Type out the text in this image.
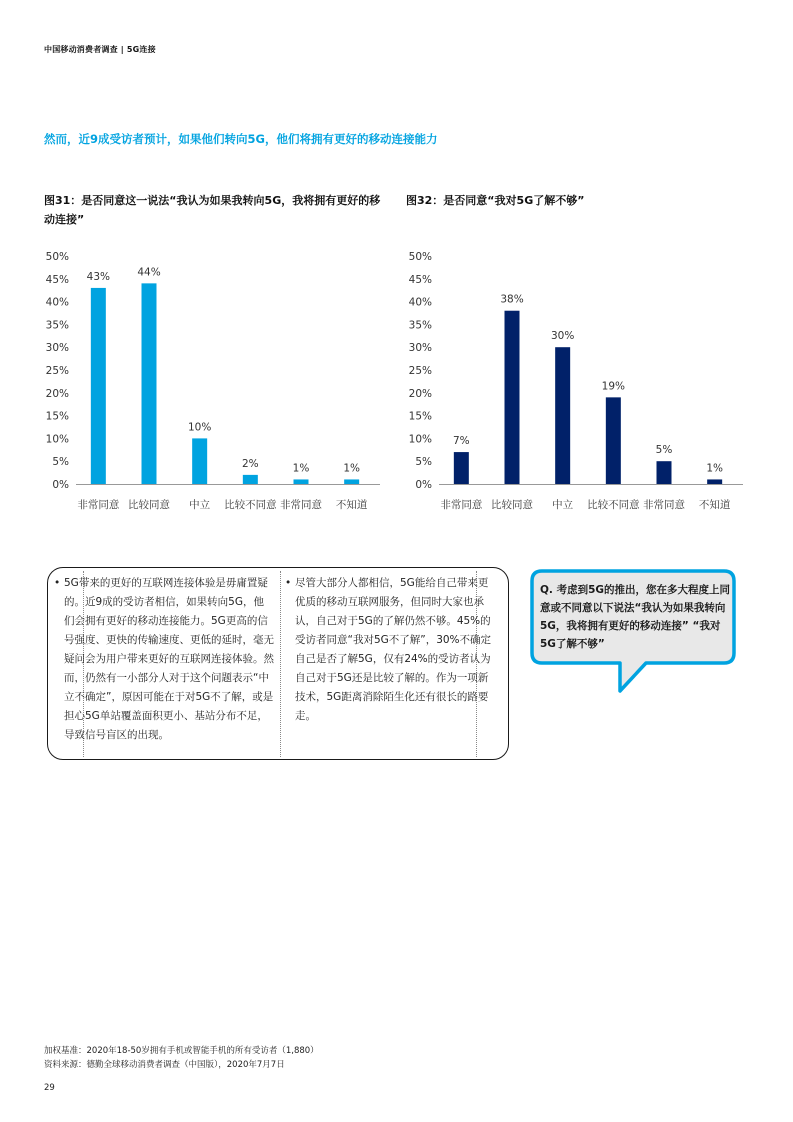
中国移动消费者调查 | 5G连接
然而，近9成受访者预计，如果他们转向5G，他们将拥有更好的移动连接能力
图31：是否同意这一说法“我认为如果我转向5G，我将拥有更好的移动连接”
图32：是否同意“我对5G了解不够”
0%
5%
10%
15%
20%
25%
30%
35%
40%
45%
50%
43%
非常同意
44%
比较同意
10%
中立
2%
比较不同意
1%
非常同意
1%
不知道
0%
5%
10%
15%
20%
25%
30%
35%
40%
45%
50%
7%
非常同意
38%
比较同意
30%
中立
19%
比较不同意
5%
非常同意
1%
不知道
• 5G带来的更好的互联网连接体验是毋庸置疑的。近9成的受访者相信，如果转向5G，他们会拥有更好的移动连接能力。5G更高的信号强度、更快的传输速度、更低的延时，毫无疑问会为用户带来更好的互联网连接体验。然而，仍然有一小部分人对于这个问题表示“中立不确定”，原因可能在于对5G不了解，或是担心5G单站覆盖面积更小、基站分布不足，导致信号盲区的出现。
• 尽管大部分人都相信，5G能给自己带来更优质的移动互联网服务，但同时大家也承认，自己对于5G的了解仍然不够。45%的受访者同意“我对5G不了解”，30%不确定自己是否了解5G，仅有24%的受访者认为自己对于5G还是比较了解的。作为一项新技术，5G距离消除陌生化还有很长的路要走。
Q. 考虑到5G的推出，您在多大程度上同意或不同意以下说法“我认为如果我转向5G，我将拥有更好的移动连接” “我对5G了解不够”
加权基准：2020年18-50岁拥有手机或智能手机的所有受访者（1,880）
资料来源：德勤全球移动消费者调查（中国版），2020年7月7日
29
